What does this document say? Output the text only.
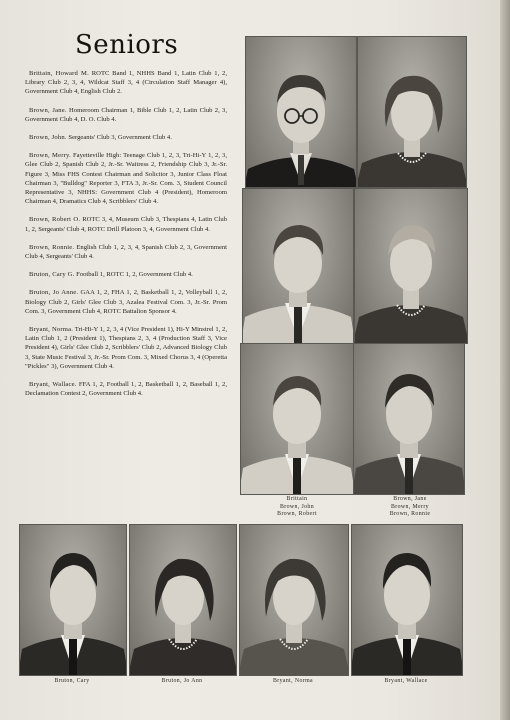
Seniors

Brittain, Howard M. ROTC Band 1, NHHS Band 1, Latin Club 1, 2, Library Club 2, 3, 4, Wildcat Staff 3, 4 (Circulation Staff Manager 4), Government Club 4, English Club 2.

Brown, Jane. Homeroom Chairman 1, Bible Club 1, 2, Latin Club 2, 3, Government Club 4, D. O. Club 4.

Brown, John. Sergeants' Club 3, Government Club 4.

Brown, Merry. Fayetteville High: Teenage Club 1, 2, 3, Tri-Hi-Y 1, 2, 3, Glee Club 2, Spanish Club 2, Jr.-Sr. Waitress 2, Friendship Club 3, Jr.-Sr. Figure 3, Miss FHS Contest Chairman and Solicitor 3, Junior Class Float Chairman 3, "Bulldog" Reporter 3, FTA 3, Jr.-Sr. Com. 3, Student Council Representative 3, NHHS: Government Club 4 (President), Homeroom Chairman 4, Dramatics Club 4, Scribblers' Club 4.

Brown, Robert O. ROTC 3, 4, Museum Club 3, Thespians 4, Latin Club 1, 2, Sergeants' Club 4, ROTC Drill Platoon 3, 4, Government Club 4.

Brown, Ronnie. English Club 1, 2, 3, 4, Spanish Club 2, 3, Government Club 4, Sergeants' Club 4.

Bruton, Cary G. Football 1, ROTC 1, 2, Government Club 4.

Bruton, Jo Anne. GAA 1, 2, FHA 1, 2, Basketball 1, 2, Volleyball 1, 2, Biology Club 2, Girls' Glee Club 3, Azalea Festival Com. 3, Jr.-Sr. Prom Com. 3, Government Club 4, ROTC Battalion Sponsor 4.

Bryant, Norma. Tri-Hi-Y 1, 2, 3, 4 (Vice President 1), Hi-Y Minstrel 1, 2, Latin Club 1, 2 (President 1), Thespians 2, 3, 4 (Production Staff 3, Vice President 4), Girls' Glee Club 2, Scribblers' Club 2, Advanced Biology Club 3, State Music Festival 3, Jr.-Sr. Prom Com. 3, Mixed Chorus 3, 4 (Operetta "Pickles" 3), Government Club 4.

Bryant, Wallace. FFA 1, 2, Football 1, 2, Basketball 1, 2, Baseball 1, 2, Declamation Contest 2, Government Club 4.

Brittain
Brown, John
Brown, Robert
Brown, Jane
Brown, Merry
Brown, Ronnie
Bruton, Cary	Bruton, Jo Ann	Bryant, Norma	Bryant, Wallace
